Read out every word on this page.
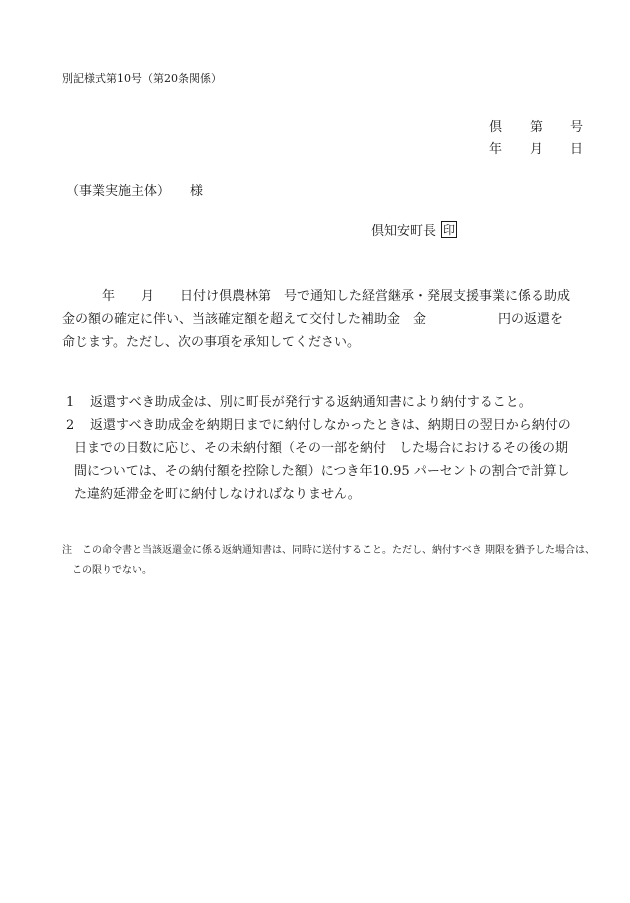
別記様式第10号（第20条関係）
倶 第 号
年 月 日
（事業実施主体） 様
倶知安町長 印
年 月 日付け倶農林第　号で通知した経営継承・発展支援事業に係る助成
金の額の確定に伴い、当該確定額を超えて交付した補助金　金	円の返還を
命じます。ただし、次の事項を承知してください。
1 返還すべき助成金は、別に町長が発行する返納通知書により納付すること。
2 返還すべき助成金を納期日までに納付しなかったときは、納期日の翌日から納付の
日までの日数に応じ、その未納付額（その一部を納付　した場合におけるその後の期
間については、その納付額を控除した額）につき年10.95 パーセントの割合で計算し
た違約延滞金を町に納付しなければなりません。
注　この命令書と当該返還金に係る返納通知書は、同時に送付すること。ただし、納付すべき 期限を猶予した場合は、
この限りでない。
